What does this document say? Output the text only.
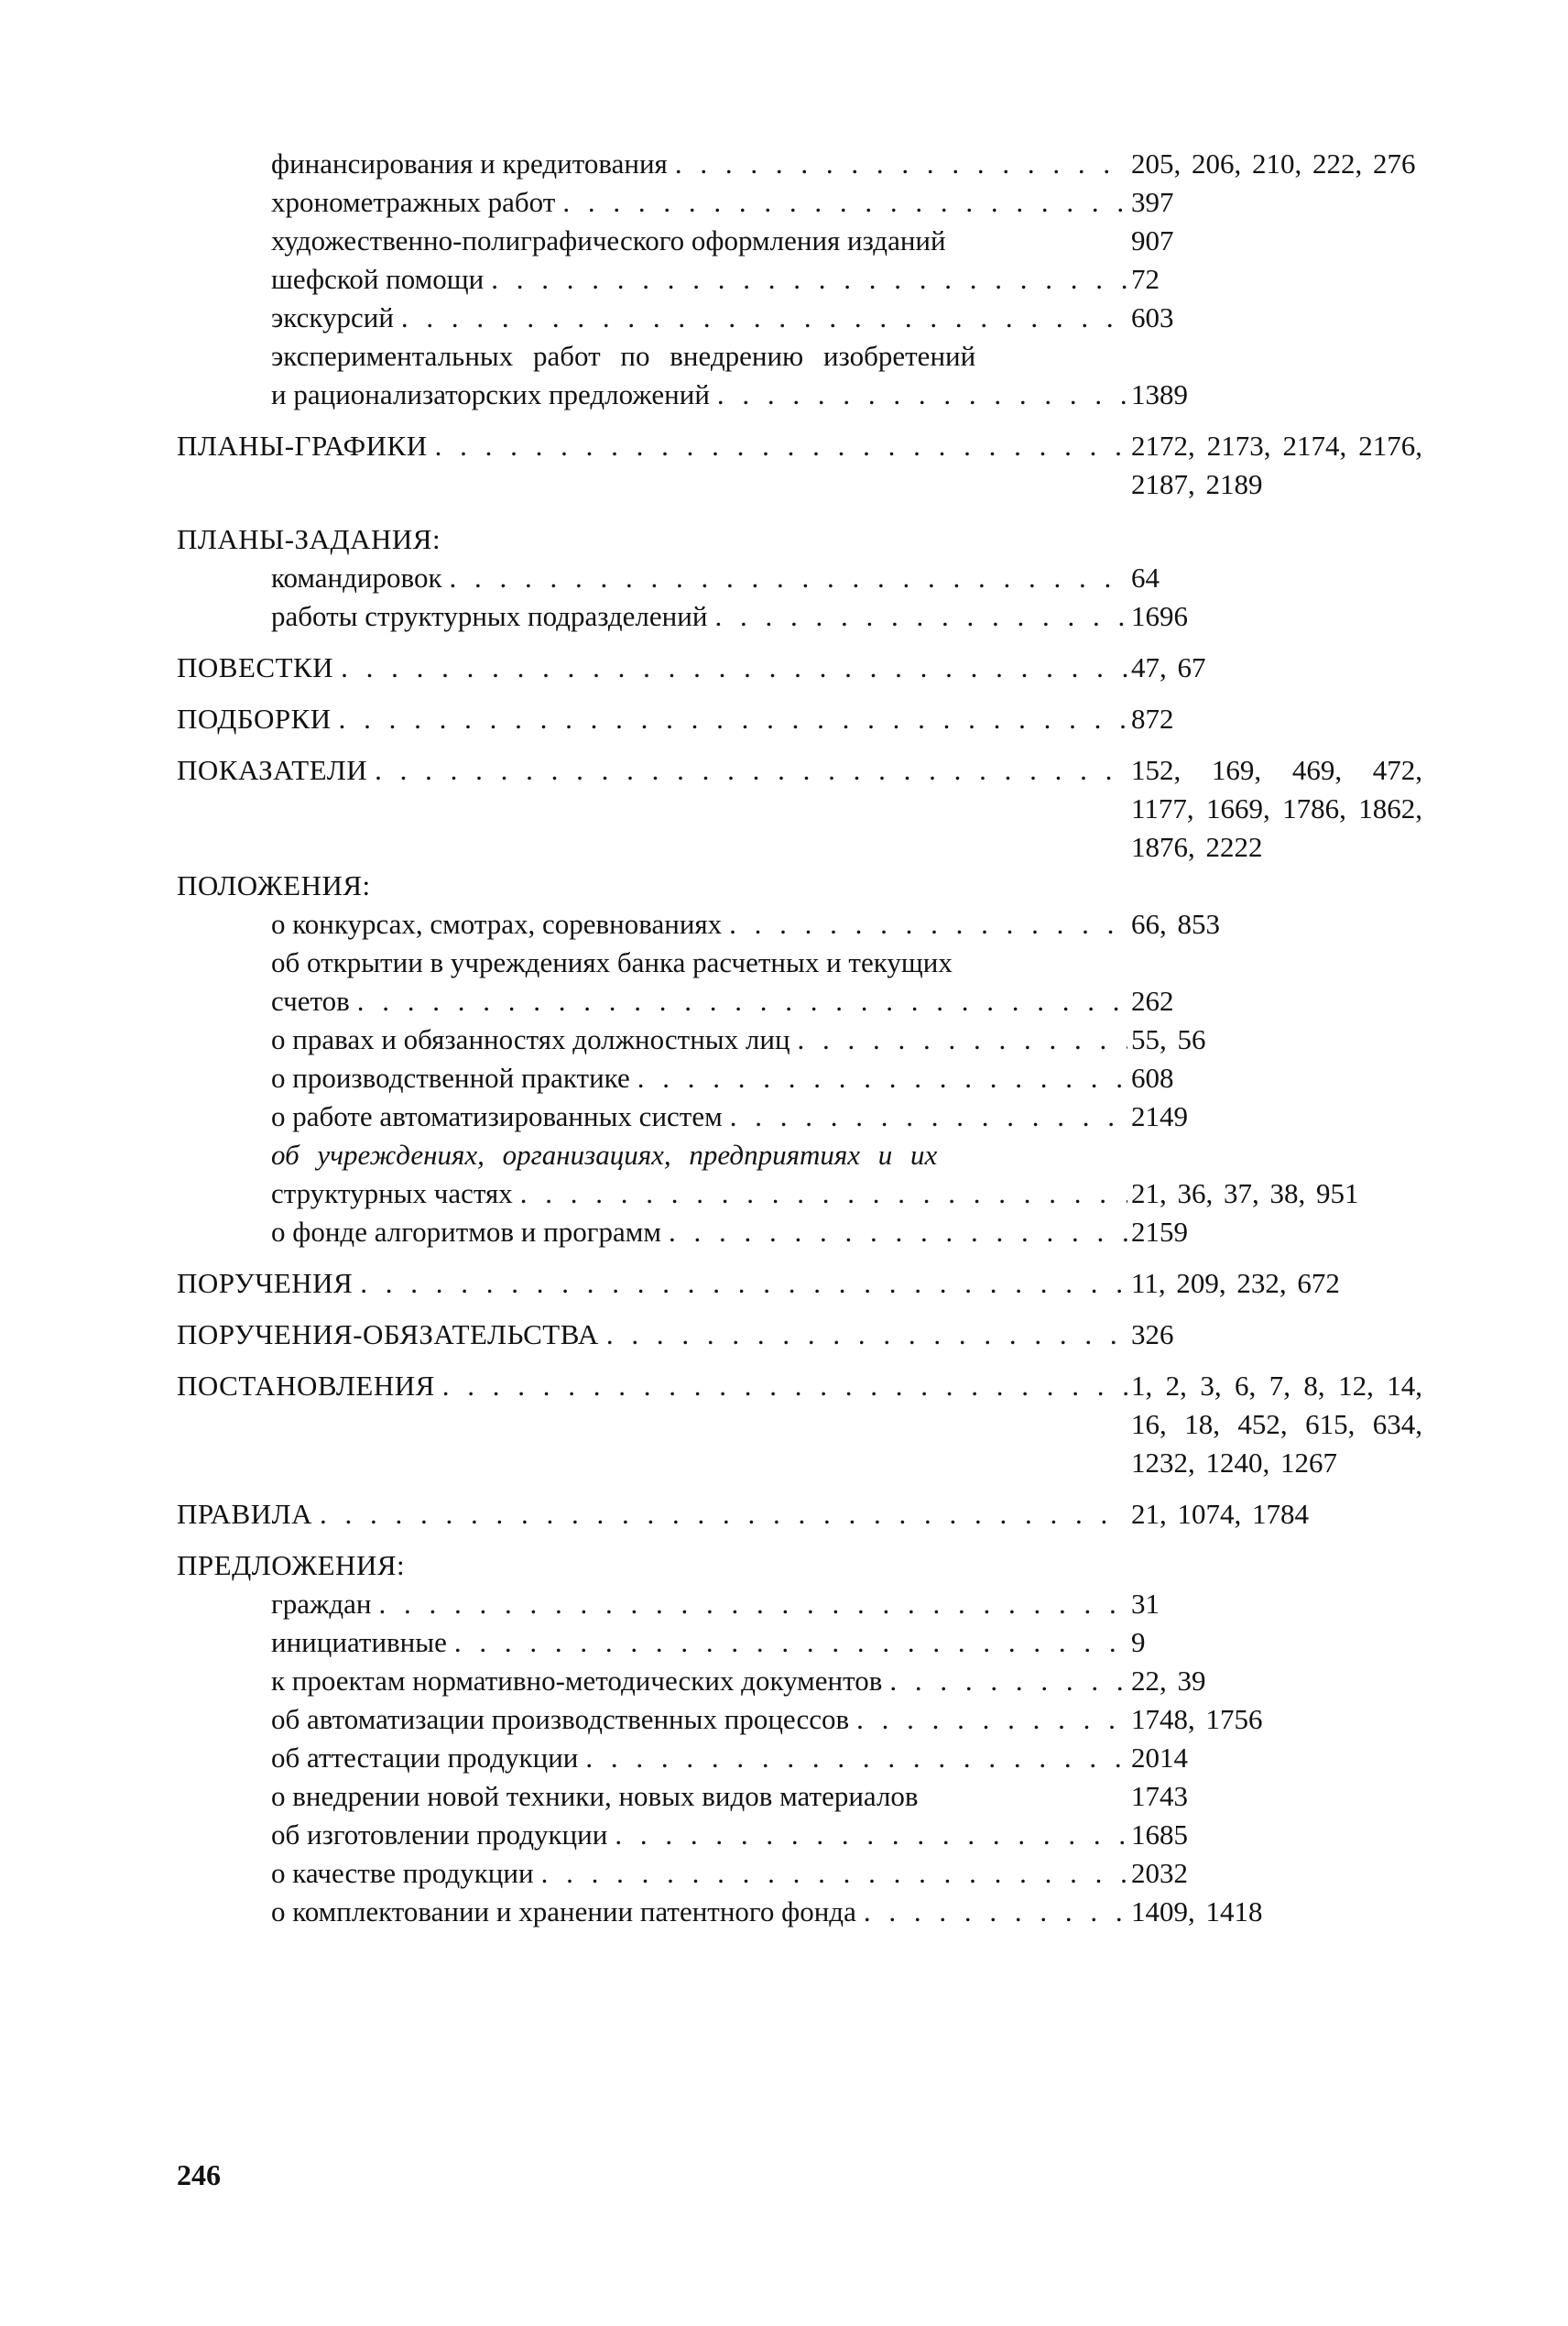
финансирования и кредитования . . .	205, 206, 210, 222, 276
хронометражных работ . . .	397
художественно-полиграфического оформления изданий	907
шефской помощи . . .	72
экскурсий . . .	603
экспериментальных работ по внедрению изобретений
и рационализаторских предложений . . .	1389
ПЛАНЫ-ГРАФИКИ . . .	2172, 2173, 2174, 2176, 2187, 2189
ПЛАНЫ-ЗАДАНИЯ:
командировок . . .	64
работы структурных подразделений . . .	1696
ПОВЕСТКИ . . .	47, 67
ПОДБОРКИ . . .	872
ПОКАЗАТЕЛИ . . .	152, 169, 469, 472, 1177, 1669, 1786, 1862, 1876, 2222
ПОЛОЖЕНИЯ:
о конкурсах, смотрах, соревнованиях . . .	66, 853
об открытии в учреждениях банка расчетных и текущих
счетов . . .	262
о правах и обязанностях должностных лиц . . .	55, 56
о производственной практике . . .	608
о работе автоматизированных систем . . .	2149
об учреждениях, организациях, предприятиях и их
структурных частях . . .	21, 36, 37, 38, 951
о фонде алгоритмов и программ . . .	2159
ПОРУЧЕНИЯ . . .	11, 209, 232, 672
ПОРУЧЕНИЯ-ОБЯЗАТЕЛЬСТВА . . .	326
ПОСТАНОВЛЕНИЯ . . .	1, 2, 3, 6, 7, 8, 12, 14, 16, 18, 452, 615, 634, 1232, 1240, 1267
ПРАВИЛА . . .	21, 1074, 1784
ПРЕДЛОЖЕНИЯ:
граждан . . .	31
инициативные . . .	9
к проектам нормативно-методических документов . . .	22, 39
об автоматизации производственных процессов . . .	1748, 1756
об аттестации продукции . . .	2014
о внедрении новой техники, новых видов материалов	1743
об изготовлении продукции . . .	1685
о качестве продукции . . .	2032
о комплектовании и хранении патентного фонда . . .	1409, 1418
246
